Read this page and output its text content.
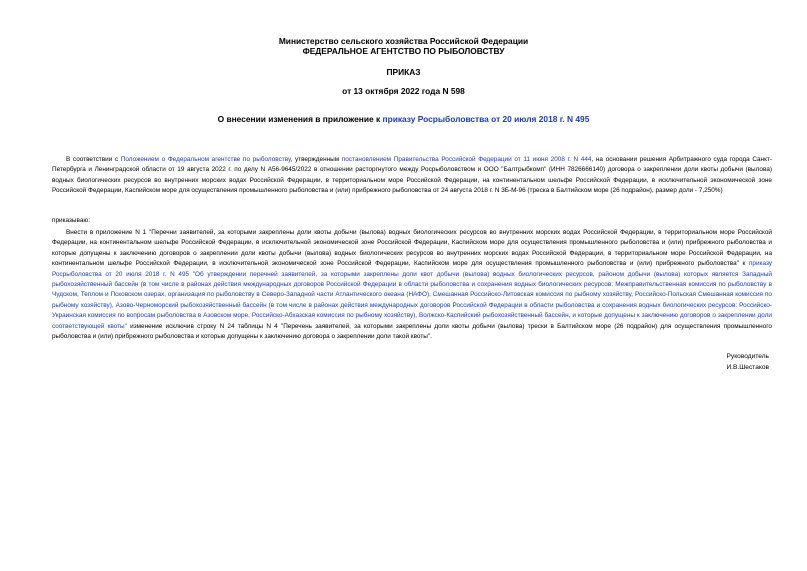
Министерство сельского хозяйства Российской Федерации
ФЕДЕРАЛЬНОЕ АГЕНТСТВО ПО РЫБОЛОВСТВУ
ПРИКАЗ
от 13 октября 2022 года N 598
О внесении изменения в приложение к приказу Росрыболовства от 20 июля 2018 г. N 495
В соответствии с Положением о Федеральном агентстве по рыболовству, утвержденным постановлением Правительства Российской Федерации от 11 июня 2008 г. N 444, на основании решения Арбитражного суда города Санкт-Петербурга и Ленинградской области от 19 августа 2022 г. по делу N А56-9645/2022 в отношении расторгнутого между Росрыболовством и ООО "Балтрыбкомп" (ИНН 7826666140) договора о закреплении доли квоты добычи (вылова) водных биологических ресурсов во внутренних морских водах Российской Федерации, в территориальном море Российской Федерации, на континентальном шельфе Российской Федерации, в исключительной экономической зоне Российской Федерации, Каспийском море для осуществления промышленного рыболовства и (или) прибрежного рыболовства от 24 августа 2018 г. N 3Б-М-96 (треска в Балтийском море (26 подрайон), размер доли - 7,250%)
приказываю:
Внести в приложение N 1 "Перечни заявителей, за которыми закреплены доли квоты добычи (вылова) водных биологических ресурсов во внутренних морских водах Российской Федерации, в территориальном море Российской Федерации, на континентальном шельфе Российской Федерации, в исключительной экономической зоне Российской Федерации, Каспийском море для осуществления промышленного рыболовства и (или) прибрежного рыболовства и которые допущены к заключению договоров о закреплении доли квоты добычи (вылова) водных биологических ресурсов во внутренних морских водах Российской Федерации, в территориальном море Российской Федерации, на континентальном шельфе Российской Федерации, в исключительной экономической зоне Российской Федерации, Каспийском море для осуществления промышленного рыболовства и (или) прибрежного рыболовства" к приказу Росрыболовства от 20 июля 2018 г. N 495 "Об утверждении перечней заявителей, за которыми закреплены доли квот добычи (вылова) водных биологических ресурсов, районом добычи (вылова) которых является Западный рыбохозяйственный бассейн (в том числе в районах действия международных договоров Российской Федерации в области рыболовства и сохранения водных биологических ресурсов: Межправительственная комиссия по рыболовству в Чудском, Теплом и Псковском озерах, организация по рыболовству в Северо-Западной части Атлантического океана (НАФО), Смешанная Российско-Литовская комиссия по рыбному хозяйству, Российско-Польская Смешанная комиссия по рыбному хозяйству), Азово-Черноморский рыбохозяйственный бассейн (в том числе в районах действия международных договоров Российской Федерации в области рыболовства и сохранения водных биологических ресурсов: Российско-Украинская комиссия по вопросам рыболовства в Азовском море, Российско-Абхазская комиссия по рыбному хозяйству), Волжско-Каспийский рыбохозяйственный бассейн, и которые допущены к заключению договоров о закреплении доли соответствующей квоты" изменение исключив строку N 24 таблицы N 4 "Перечень заявителей, за которыми закреплены доли квоты добычи (вылова) трески в Балтийском море (26 подрайон) для осуществления промышленного рыболовства и (или) прибрежного рыболовства и которые допущены к заключению договора о закреплении доли такой квоты".
Руководитель
И.В.Шестаков
